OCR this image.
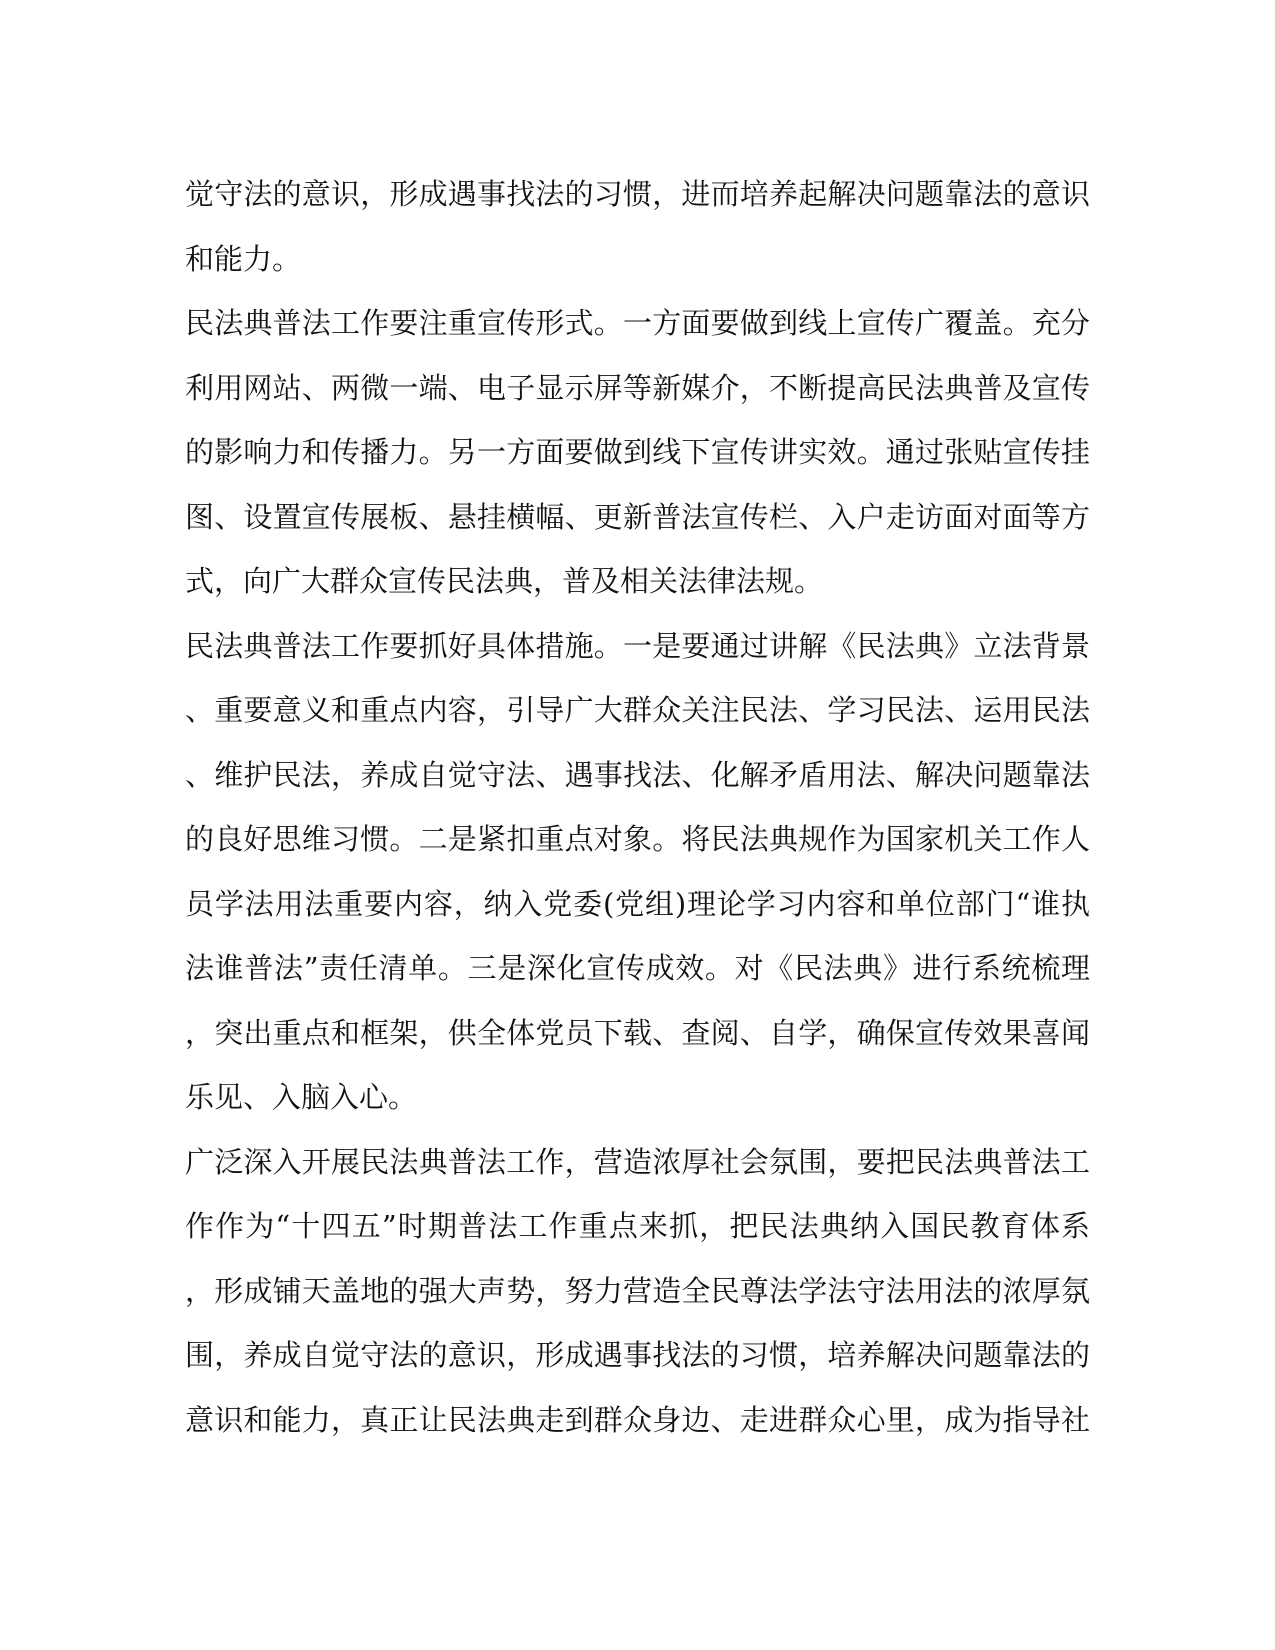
觉守法的意识，形成遇事找法的习惯，进而培养起解决问题靠法的意识
和能力。
民法典普法工作要注重宣传形式。一方面要做到线上宣传广覆盖。充分
利用网站、两微一端、电子显示屏等新媒介，不断提高民法典普及宣传
的影响力和传播力。另一方面要做到线下宣传讲实效。通过张贴宣传挂
图、设置宣传展板、悬挂横幅、更新普法宣传栏、入户走访面对面等方
式，向广大群众宣传民法典，普及相关法律法规。
民法典普法工作要抓好具体措施。一是要通过讲解《民法典》立法背景
、重要意义和重点内容，引导广大群众关注民法、学习民法、运用民法
、维护民法，养成自觉守法、遇事找法、化解矛盾用法、解决问题靠法
的良好思维习惯。二是紧扣重点对象。将民法典规作为国家机关工作人
员学法用法重要内容，纳入党委(党组)理论学习内容和单位部门“谁执
法谁普法”责任清单。三是深化宣传成效。对《民法典》进行系统梳理
，突出重点和框架，供全体党员下载、查阅、自学，确保宣传效果喜闻
乐见、入脑入心。
广泛深入开展民法典普法工作，营造浓厚社会氛围，要把民法典普法工
作作为“十四五”时期普法工作重点来抓，把民法典纳入国民教育体系
，形成铺天盖地的强大声势，努力营造全民尊法学法守法用法的浓厚氛
围，养成自觉守法的意识，形成遇事找法的习惯，培养解决问题靠法的
意识和能力，真正让民法典走到群众身边、走进群众心里，成为指导社
